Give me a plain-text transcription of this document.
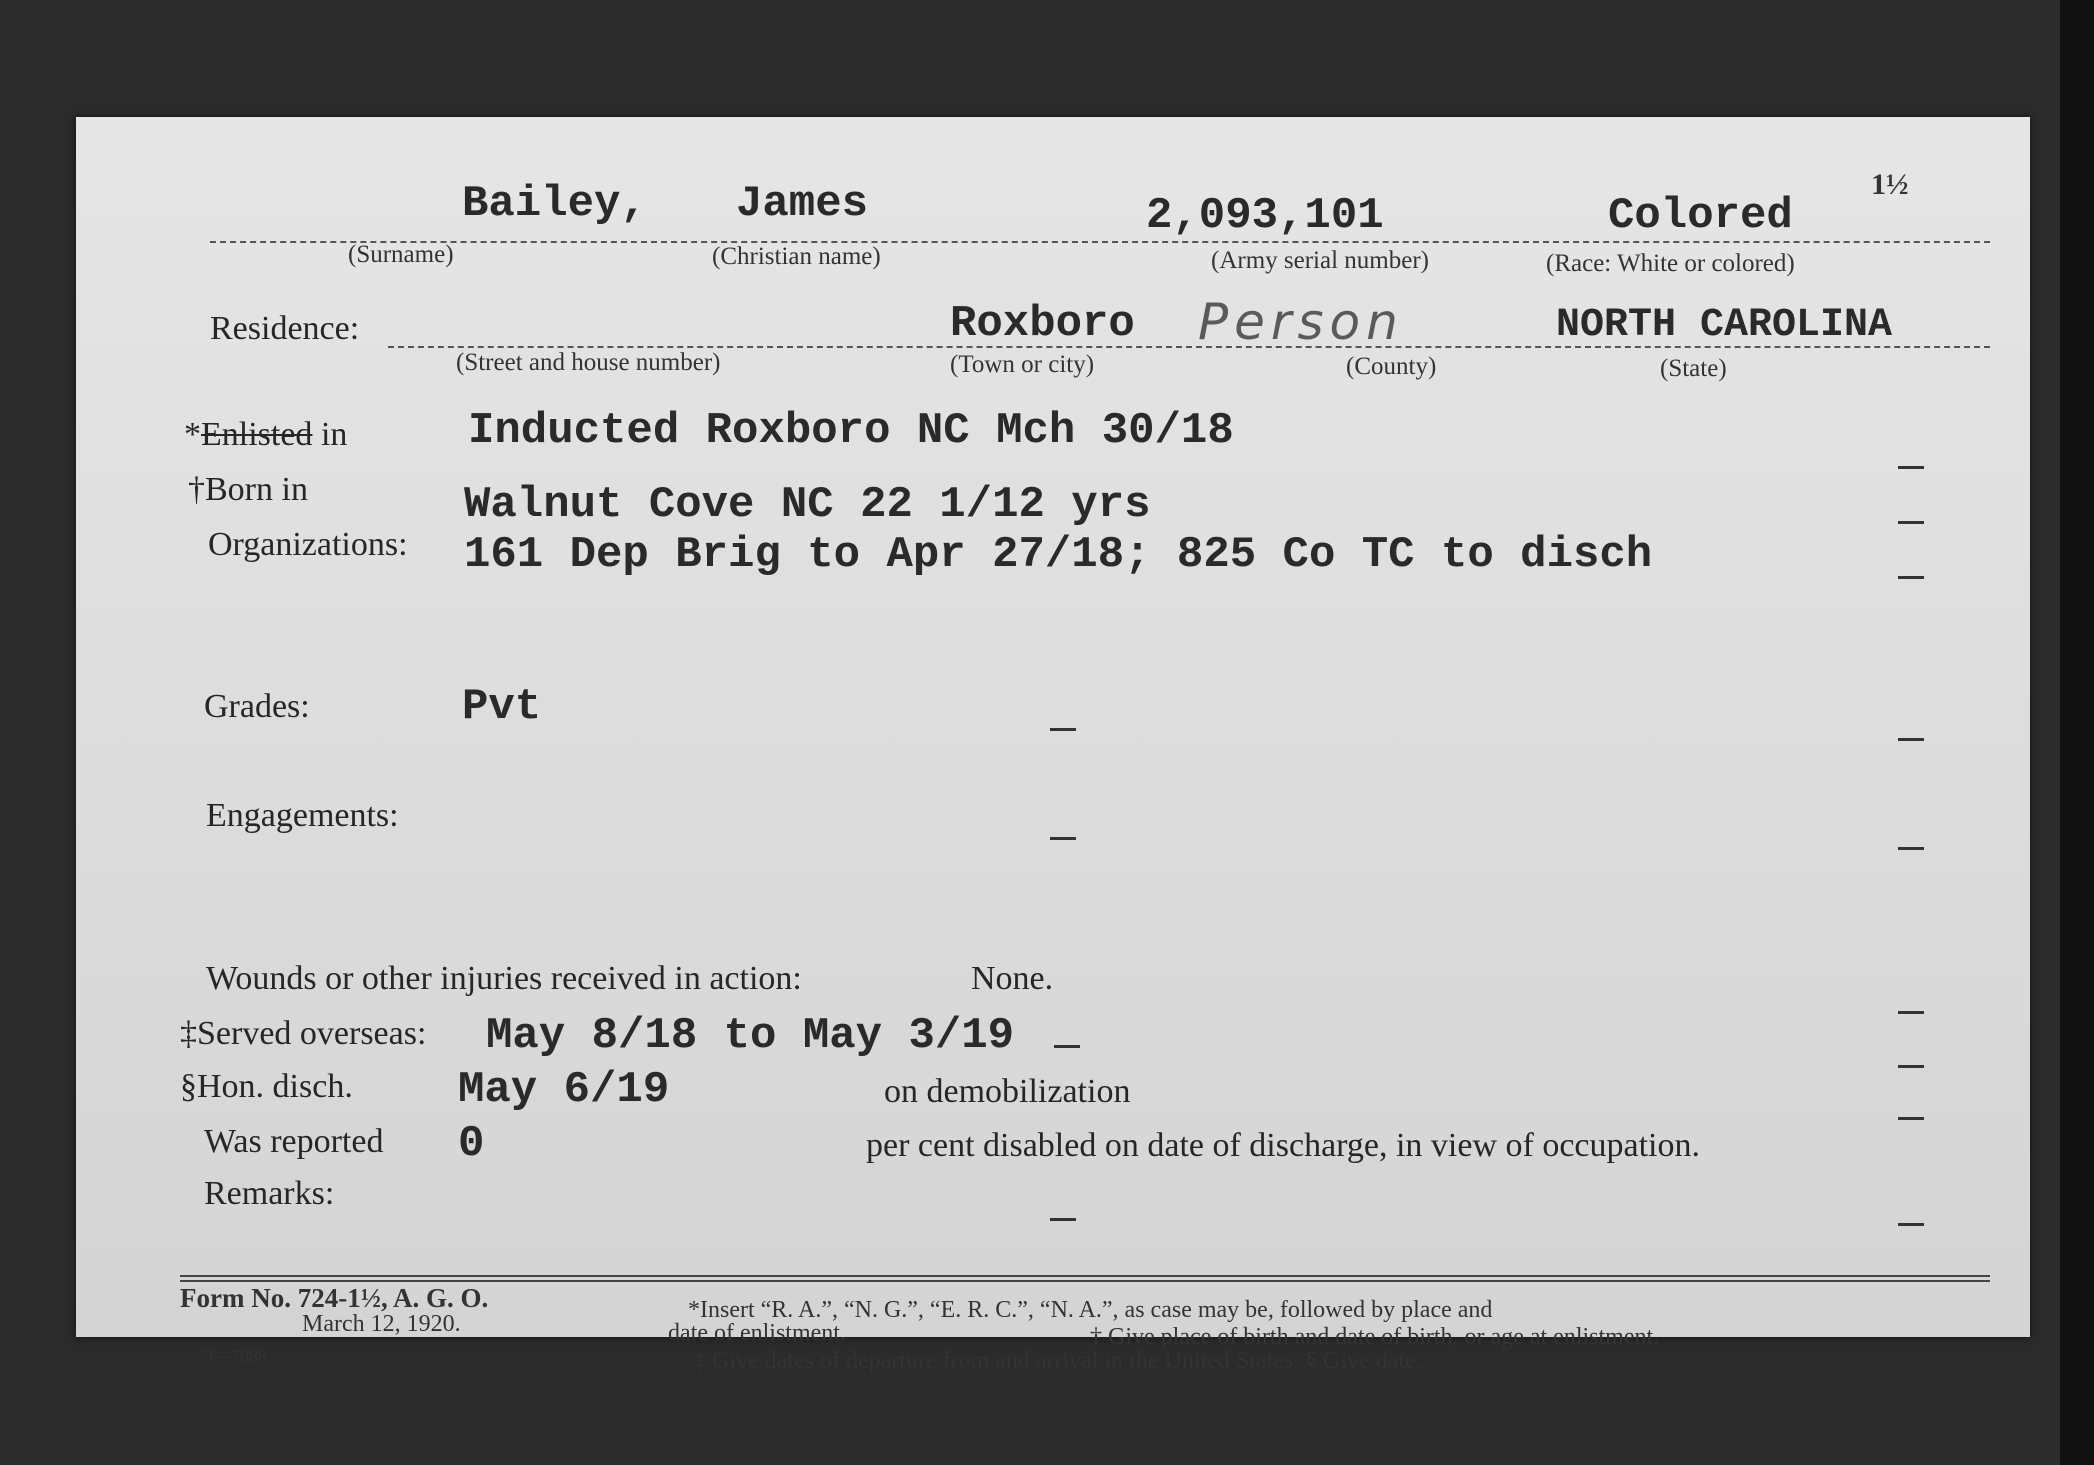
1½
Bailey, James	2,093,101	Colored
(Surname)	(Christian name)	(Army serial number)	(Race: White or colored)
Residence:	Roxboro Person	NORTH CAROLINA
(Street and house number)	(Town or city)	(County)	(State)
*Enlisted in	Inducted Roxboro NC Mch 30/18
†Born in	Walnut Cove NC 22 1/12 yrs
Organizations: 161 Dep Brig to Apr 27/18; 825 Co TC to disch
Grades:	Pvt
Engagements:
Wounds or other injuries received in action:	None.
‡Served overseas: May 8/18 to May 3/19
§Hon. disch. May 6/19	on demobilization
Was reported 0	per cent disabled on date of discharge, in view of occupation.
Remarks:
Form No. 724-1½, A. G. O.
March 12, 1920.
3—7688
*Insert “R. A.”, “N. G.”, “E. R. C.”, “N. A.”, as case may be, followed by place and
date of enlistment.	† Give place of birth and date of birth, or age at enlistment.
‡ Give dates of departure from and arrival in the United States. § Give date.
